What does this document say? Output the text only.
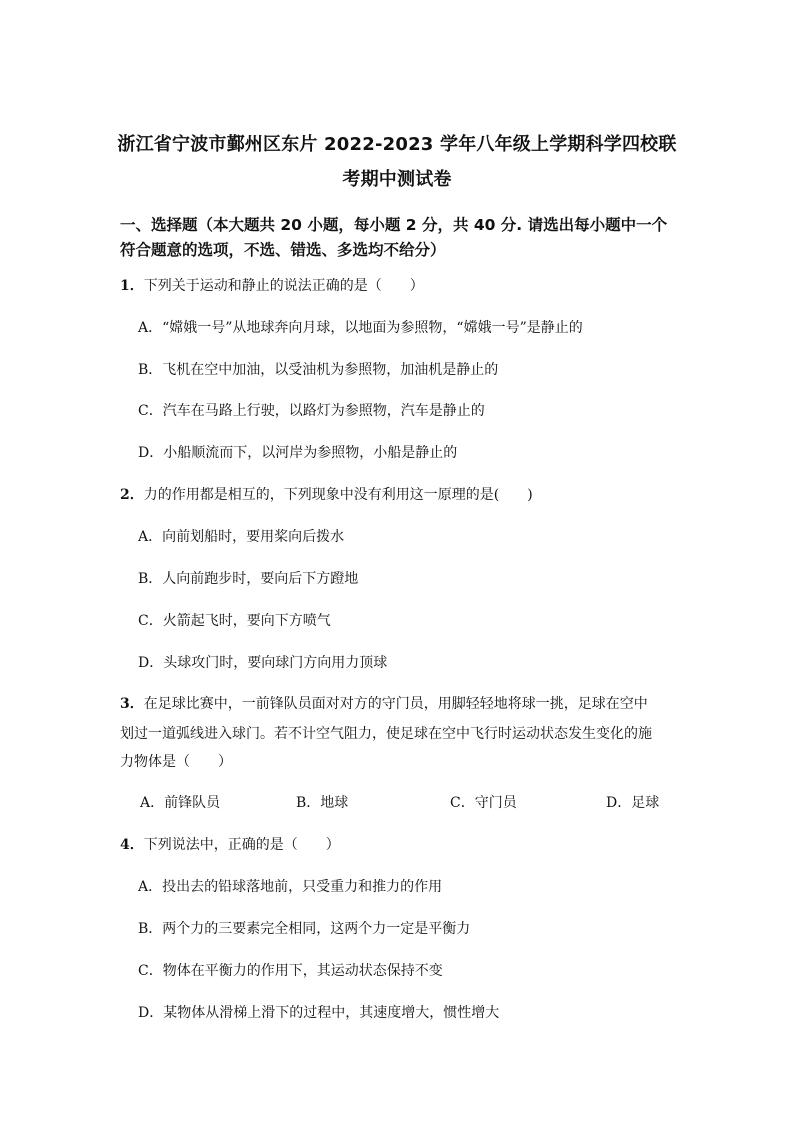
浙江省宁波市鄞州区东片 2022-2023 学年八年级上学期科学四校联
考期中测试卷
一、选择题（本大题共 20 小题，每小题 2 分，共 40 分. 请选出每小题中一个
符合题意的选项，不选、错选、多选均不给分）
1．下列关于运动和静止的说法正确的是（　　）
A．“嫦娥一号”从地球奔向月球，以地面为参照物，“嫦娥一号”是静止的
B．飞机在空中加油，以受油机为参照物，加油机是静止的
C．汽车在马路上行驶，以路灯为参照物，汽车是静止的
D．小船顺流而下，以河岸为参照物，小船是静止的
2．力的作用都是相互的，下列现象中没有利用这一原理的是(　　)
A．向前划船时，要用桨向后拨水
B．人向前跑步时，要向后下方蹬地
C．火箭起飞时，要向下方喷气
D．头球攻门时，要向球门方向用力顶球
3．在足球比赛中，一前锋队员面对对方的守门员，用脚轻轻地将球一挑，足球在空中
划过一道弧线进入球门。若不计空气阻力，使足球在空中飞行时运动状态发生变化的施
力物体是（　　）
A．前锋队员	B．地球	C．守门员	D．足球
4．下列说法中，正确的是（　　）
A．投出去的铅球落地前，只受重力和推力的作用
B．两个力的三要素完全相同，这两个力一定是平衡力
C．物体在平衡力的作用下，其运动状态保持不变
D．某物体从滑梯上滑下的过程中，其速度增大，惯性增大
